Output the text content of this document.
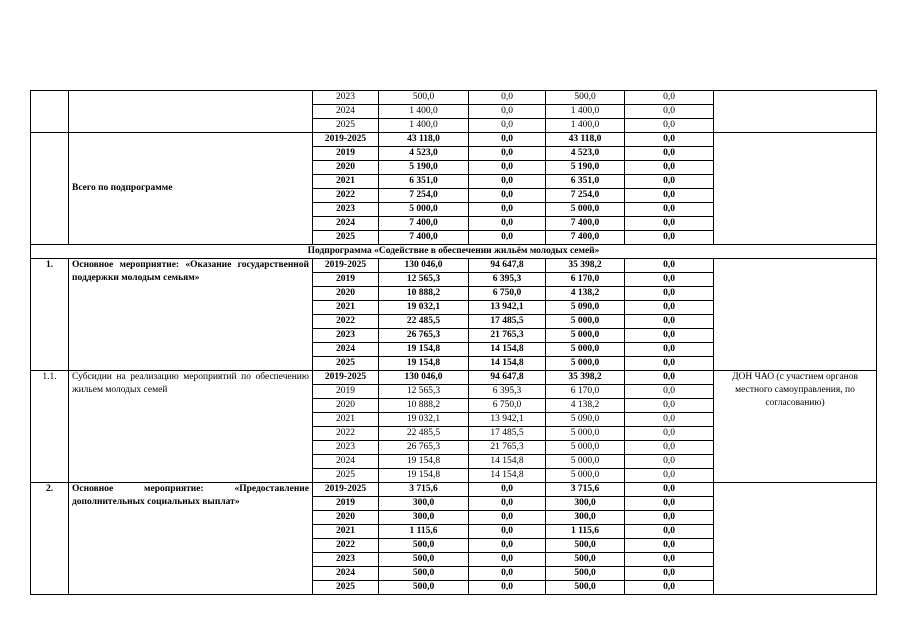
		2023	500,0	0,0	500,0	0,0	
		2024	1 400,0	0,0	1 400,0	0,0	
		2025	1 400,0	0,0	1 400,0	0,0	
	Всего по подпрограмме	2019-2025	43 118,0	0,0	43 118,0	0,0	
		2019	4 523,0	0,0	4 523,0	0,0	
		2020	5 190,0	0,0	5 190,0	0,0	
		2021	6 351,0	0,0	6 351,0	0,0	
		2022	7 254,0	0,0	7 254,0	0,0	
		2023	5 000,0	0,0	5 000,0	0,0	
		2024	7 400,0	0,0	7 400,0	0,0	
		2025	7 400,0	0,0	7 400,0	0,0	
Подпрограмма «Содействие в обеспечении жильём молодых семей»							
1.	Основное мероприятие: «Оказание государственной поддержки молодым семьям»	2019-2025	130 046,0	94 647,8	35 398,2	0,0	
		2019	12 565,3	6 395,3	6 170,0	0,0	
		2020	10 888,2	6 750,0	4 138,2	0,0	
		2021	19 032,1	13 942,1	5 090,0	0,0	
		2022	22 485,5	17 485,5	5 000,0	0,0	
		2023	26 765,3	21 765,3	5 000,0	0,0	
		2024	19 154,8	14 154,8	5 000,0	0,0	
		2025	19 154,8	14 154,8	5 000,0	0,0	
1.1.	Субсидии на реализацию мероприятий по обеспечению жильем молодых семей	2019-2025	130 046,0	94 647,8	35 398,2	0,0	ДОН ЧАО (с участием органов местного самоуправления, по согласованию)
		2019	12 565,3	6 395,3	6 170,0	0,0	
		2020	10 888,2	6 750,0	4 138,2	0,0	
		2021	19 032,1	13 942,1	5 090,0	0,0	
		2022	22 485,5	17 485,5	5 000,0	0,0	
		2023	26 765,3	21 765,3	5 000,0	0,0	
		2024	19 154,8	14 154,8	5 000,0	0,0	
		2025	19 154,8	14 154,8	5 000,0	0,0	
2.	Основное мероприятие: «Предоставление дополнительных социальных выплат»	2019-2025	3 715,6	0,0	3 715,6	0,0	
		2019	300,0	0,0	300,0	0,0	
		2020	300,0	0,0	300,0	0,0	
		2021	1 115,6	0,0	1 115,6	0,0	
		2022	500,0	0,0	500,0	0,0	
		2023	500,0	0,0	500,0	0,0	
		2024	500,0	0,0	500,0	0,0	
		2025	500,0	0,0	500,0	0,0	
